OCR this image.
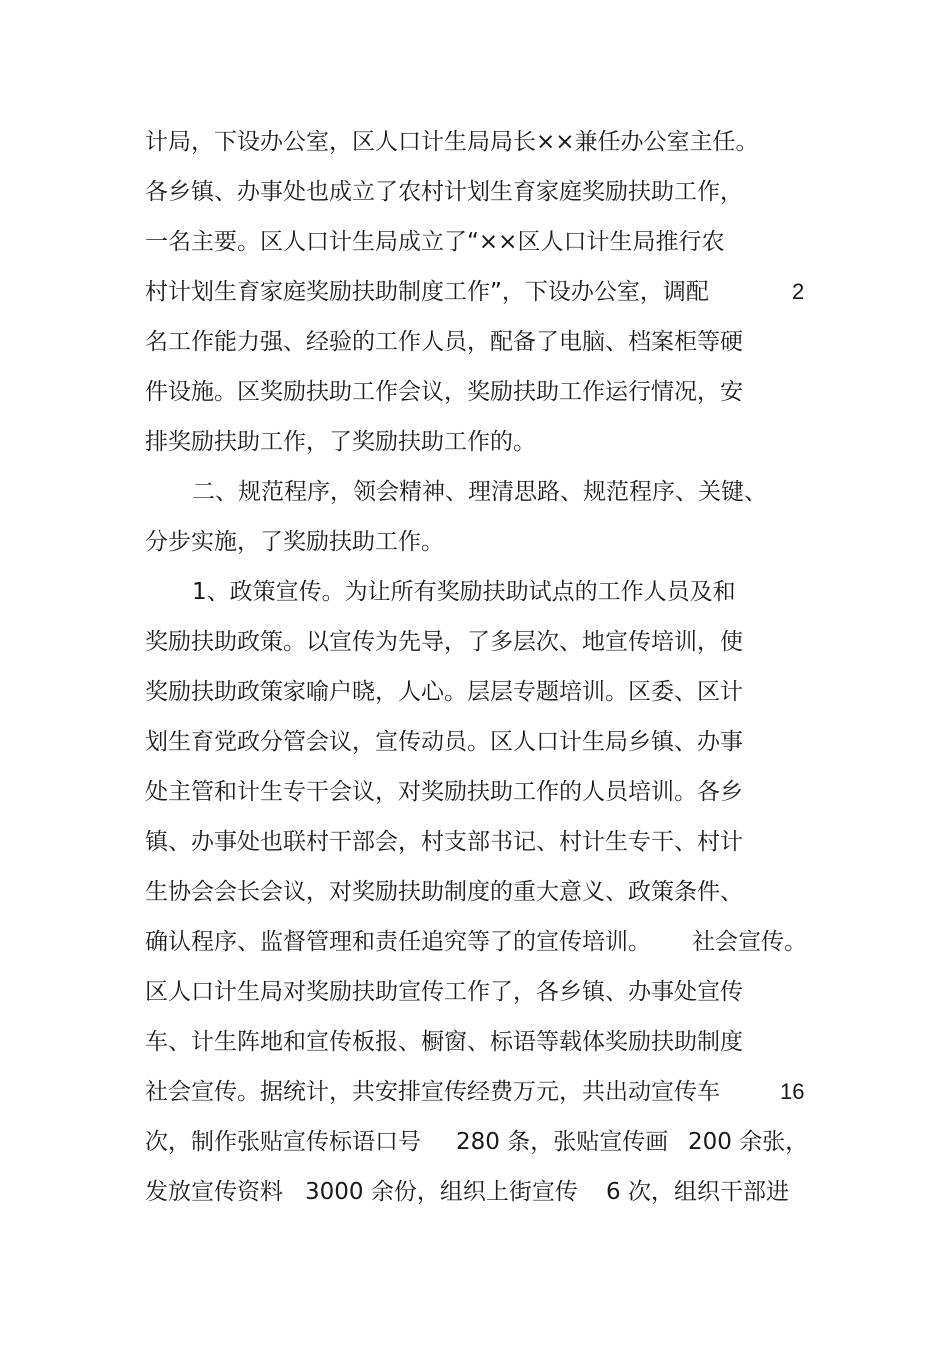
计局，下设办公室，区人口计生局局长××兼任办公室主任。

各乡镇、办事处也成立了农村计划生育家庭奖励扶助工作，

一名主要。区人口计生局成立了“××区人口计生局推行农

村计划生育家庭奖励扶助制度工作”，下设办公室，调配	2

名工作能力强、经验的工作人员，配备了电脑、档案柜等硬

件设施。区奖励扶助工作会议，奖励扶助工作运行情况，安

排奖励扶助工作，了奖励扶助工作的。

二、规范程序，领会精神、理清思路、规范程序、关键、

分步实施，了奖励扶助工作。

1、政策宣传。为让所有奖励扶助试点的工作人员及和

奖励扶助政策。以宣传为先导，了多层次、地宣传培训，使

奖励扶助政策家喻户晓，人心。层层专题培训。区委、区计

划生育党政分管会议，宣传动员。区人口计生局乡镇、办事

处主管和计生专干会议，对奖励扶助工作的人员培训。各乡

镇、办事处也联村干部会，村支部书记、村计生专干、村计

生协会会长会议，对奖励扶助制度的重大意义、政策条件、

确认程序、监督管理和责任追究等了的宣传培训。 社会宣传。

区人口计生局对奖励扶助宣传工作了，各乡镇、办事处宣传

车、计生阵地和宣传板报、橱窗、标语等载体奖励扶助制度

社会宣传。据统计，共安排宣传经费万元，共出动宣传车	16

次，制作张贴宣传标语口号 280 条，张贴宣传画 200 余张，

发放宣传资料 3000 余份，组织上街宣传 6 次，组织干部进
